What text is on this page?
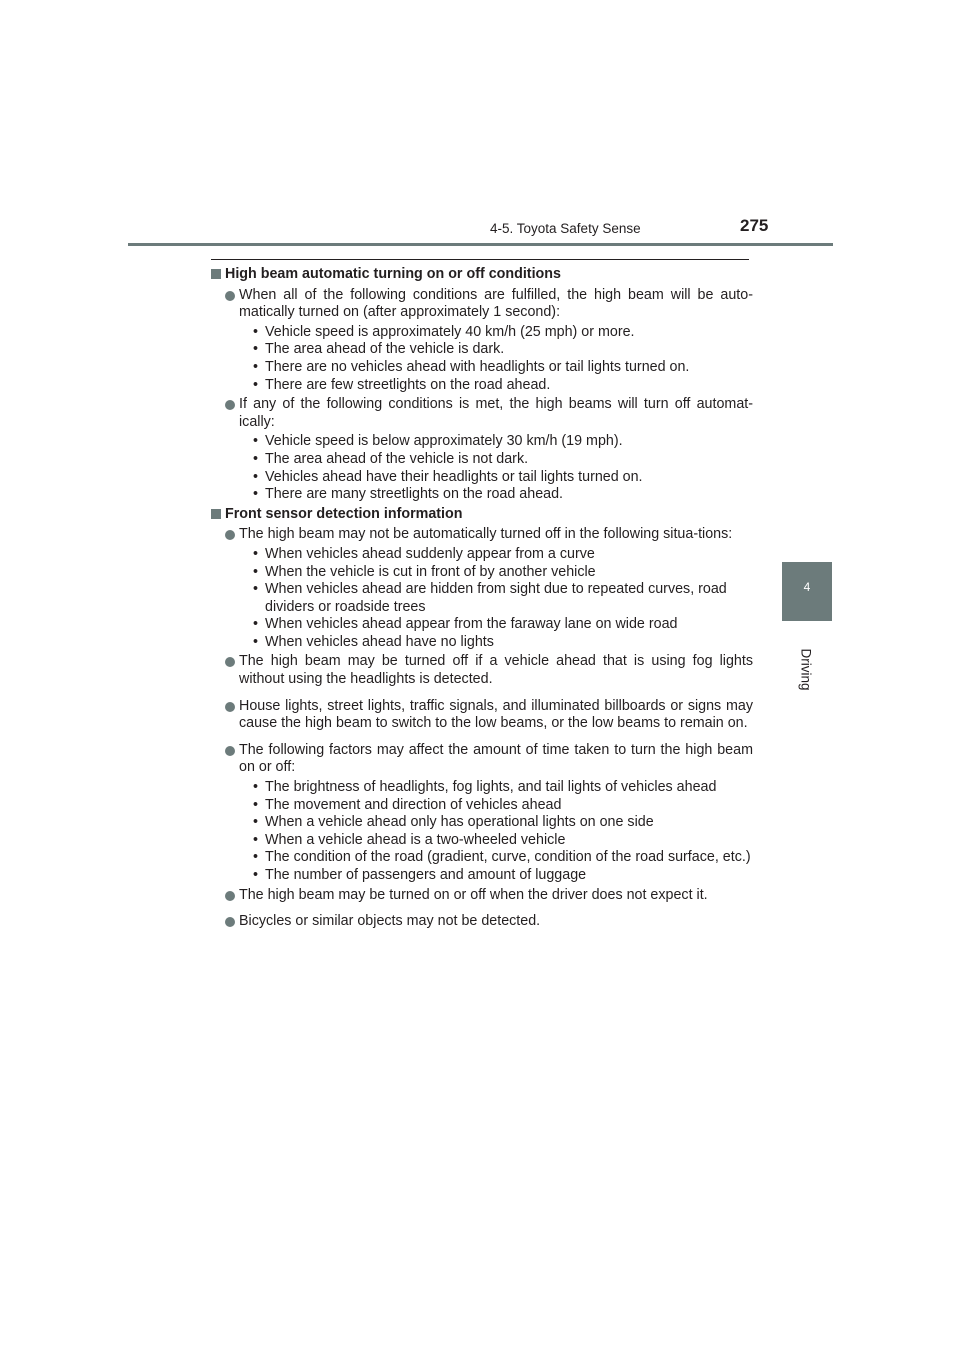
4-5. Toyota Safety Sense	275
4
Driving
High beam automatic turning on or off conditions
When all of the following conditions are fulfilled, the high beam will be auto-matically turned on (after approximately 1 second):
• Vehicle speed is approximately 40 km/h (25 mph) or more.
• The area ahead of the vehicle is dark.
• There are no vehicles ahead with headlights or tail lights turned on.
• There are few streetlights on the road ahead.
If any of the following conditions is met, the high beams will turn off automat-ically:
• Vehicle speed is below approximately 30 km/h (19 mph).
• The area ahead of the vehicle is not dark.
• Vehicles ahead have their headlights or tail lights turned on.
• There are many streetlights on the road ahead.
Front sensor detection information
The high beam may not be automatically turned off in the following situa-tions:
• When vehicles ahead suddenly appear from a curve
• When the vehicle is cut in front of by another vehicle
• When vehicles ahead are hidden from sight due to repeated curves, road dividers or roadside trees
• When vehicles ahead appear from the faraway lane on wide road
• When vehicles ahead have no lights
The high beam may be turned off if a vehicle ahead that is using fog lights without using the headlights is detected.
House lights, street lights, traffic signals, and illuminated billboards or signs may cause the high beam to switch to the low beams, or the low beams to remain on.
The following factors may affect the amount of time taken to turn the high beam on or off:
• The brightness of headlights, fog lights, and tail lights of vehicles ahead
• The movement and direction of vehicles ahead
• When a vehicle ahead only has operational lights on one side
• When a vehicle ahead is a two-wheeled vehicle
• The condition of the road (gradient, curve, condition of the road surface, etc.)
• The number of passengers and amount of luggage
The high beam may be turned on or off when the driver does not expect it.
Bicycles or similar objects may not be detected.
